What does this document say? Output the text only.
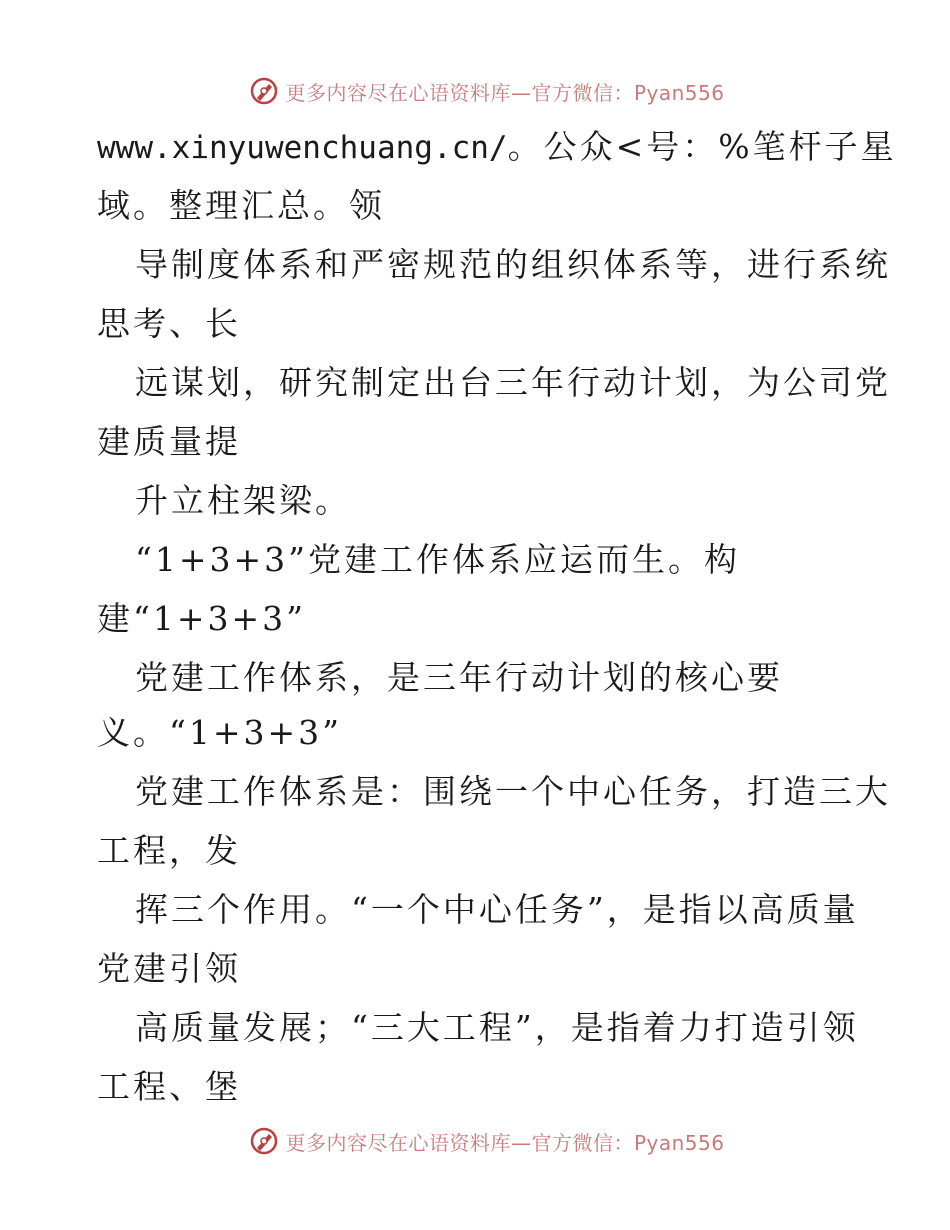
更多内容尽在心语资料库—官方微信：Pyan556
www.xinyuwenchuang.cn/。公众<号：%笔杆子星
域。整理汇总。领
导制度体系和严密规范的组织体系等，进行系统
思考、长
远谋划，研究制定出台三年行动计划，为公司党
建质量提
升立柱架梁。
“1+3+3”党建工作体系应运而生。构
建“1+3+3”
党建工作体系，是三年行动计划的核心要
义。“1+3+3”
党建工作体系是：围绕一个中心任务，打造三大
工程，发
挥三个作用。“一个中心任务”，是指以高质量
党建引领
高质量发展；“三大工程”，是指着力打造引领
工程、堡
更多内容尽在心语资料库—官方微信：Pyan556
